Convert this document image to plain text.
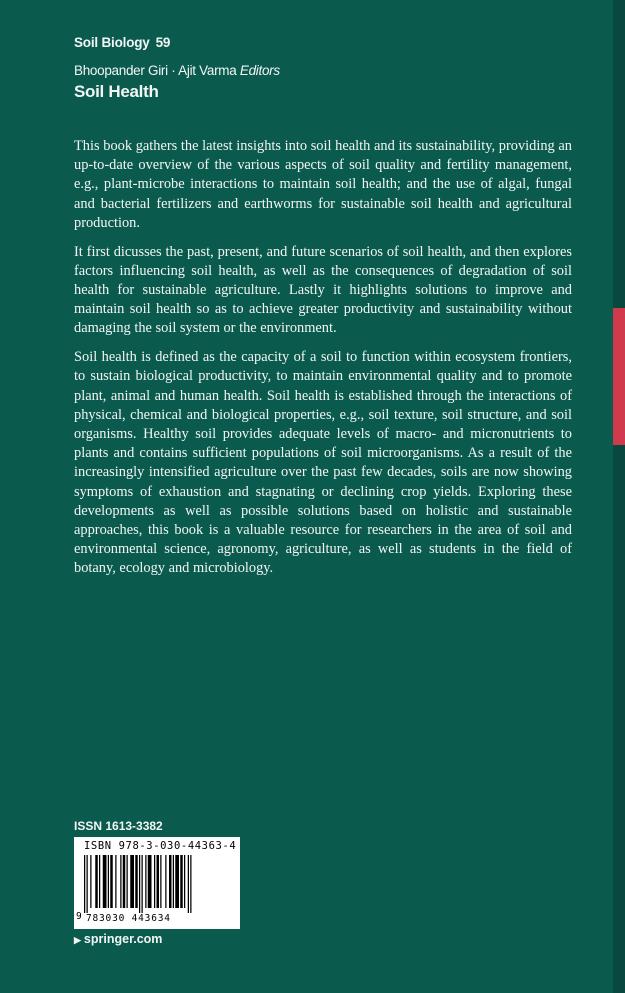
Soil Biology 59
Bhoopander Giri · Ajit Varma Editors
Soil Health

This book gathers the latest insights into soil health and its sustainability, providing an up-to-date overview of the various aspects of soil quality and fertility management, e.g., plant-microbe interactions to maintain soil health; and the use of algal, fungal and bacterial fertilizers and earthworms for sustainable soil health and agricultural production.

It first dicusses the past, present, and future scenarios of soil health, and then explores factors influencing soil health, as well as the consequences of degradation of soil health for sustainable agriculture. Lastly it highlights solutions to improve and maintain soil health so as to achieve greater productivity and sustainability without damaging the soil system or the environment.

Soil health is defined as the capacity of a soil to function within ecosystem frontiers, to sustain biological productivity, to maintain environmental quality and to promote plant, animal and human health. Soil health is established through the interactions of physical, chemical and biological properties, e.g., soil texture, soil structure, and soil organisms. Healthy soil provides adequate levels of macro- and micronutrients to plants and contains sufficient populations of soil microorganisms. As a result of the increasingly intensified agriculture over the past few decades, soils are now showing symptoms of exhaustion and stagnating or declining crop yields. Exploring these developments as well as possible solutions based on holistic and sustainable approaches, this book is a valuable resource for researchers in the area of soil and environmental science, agronomy, agriculture, as well as students in the field of botany, ecology and microbiology.

ISSN 1613-3382
ISBN 978-3-030-44363-4
9 783030 443634
▶ springer.com
